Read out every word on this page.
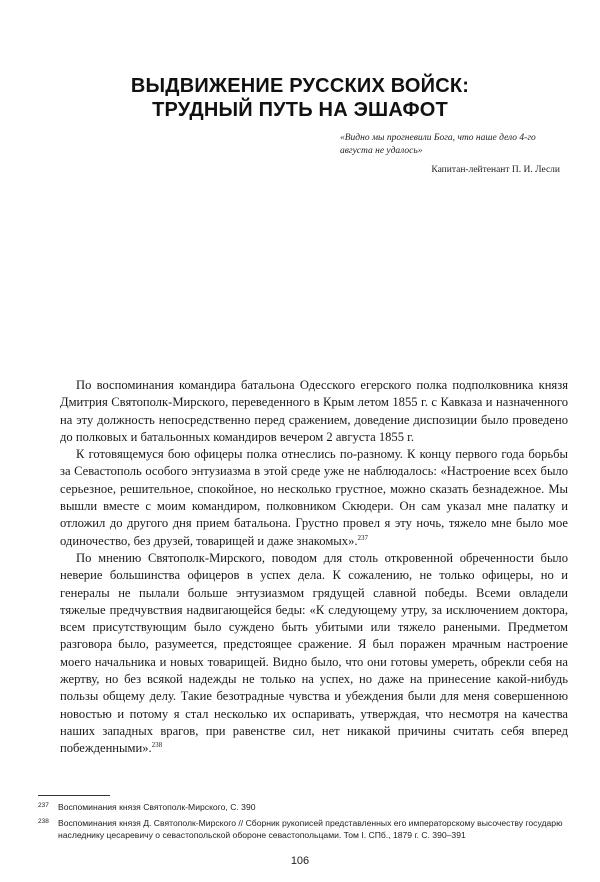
ВЫДВИЖЕНИЕ РУССКИХ ВОЙСК:
ТРУДНЫЙ ПУТЬ НА ЭШАФОТ
«Видно мы прогневили Бога, что наше дело 4-го августа не удалось»
Капитан-лейтенант П. И. Лесли

По воспоминания командира батальона Одесского егерского полка подполковника князя Дмитрия Святополк-Мирского, переведенного в Крым летом 1855 г. с Кавказа и назначенного на эту должность непосредственно перед сражением, доведение диспозиции было проведено до полковых и батальонных командиров вечером 2 августа 1855 г.

К готовящемуся бою офицеры полка отнеслись по-разному. К концу первого года борьбы за Севастополь особого энтузиазма в этой среде уже не наблюдалось: «Настроение всех было серьезное, решительное, спокойное, но несколько грустное, можно сказать безнадежное. Мы вышли вместе с моим командиром, полковником Скюдери. Он сам указал мне палатку и отложил до другого дня прием батальона. Грустно провел я эту ночь, тяжело мне было мое одиночество, без друзей, товарищей и даже знакомых».$^{237}$

По мнению Святополк-Мирского, поводом для столь откровенной обреченности было неверие большинства офицеров в успех дела. К сожалению, не только офицеры, но и генералы не пылали больше энтузиазмом грядущей славной победы. Всеми овладели тяжелые предчувствия надвигающейся беды: «К следующему утру, за исключением доктора, всем присутствующим было суждено быть убитыми или тяжело ранеными. Предметом разговора было, разумеется, предстоящее сражение. Я был поражен мрачным настроение моего начальника и новых товарищей. Видно было, что они готовы умереть, обрекли себя на жертву, но без всякой надежды не только на успех, но даже на принесение какой-нибудь пользы общему делу. Такие безотрадные чувства и убеждения были для меня совершенною новостью и потому я стал несколько их оспаривать, утверждая, что несмотря на качества наших западных врагов, при равенстве сил, нет никакой причины считать себя вперед побежденными».$^{238}$

237	Воспоминания князя Святополк-Мирского, С. 390
238	Воспоминания князя Д. Святополк-Мирского // Сборник рукописей представленных его императорскому высочеству государю наследнику цесаревичу о севастопольской обороне севастопольцами. Том I. СПб., 1879 г. С. 390–391
106
